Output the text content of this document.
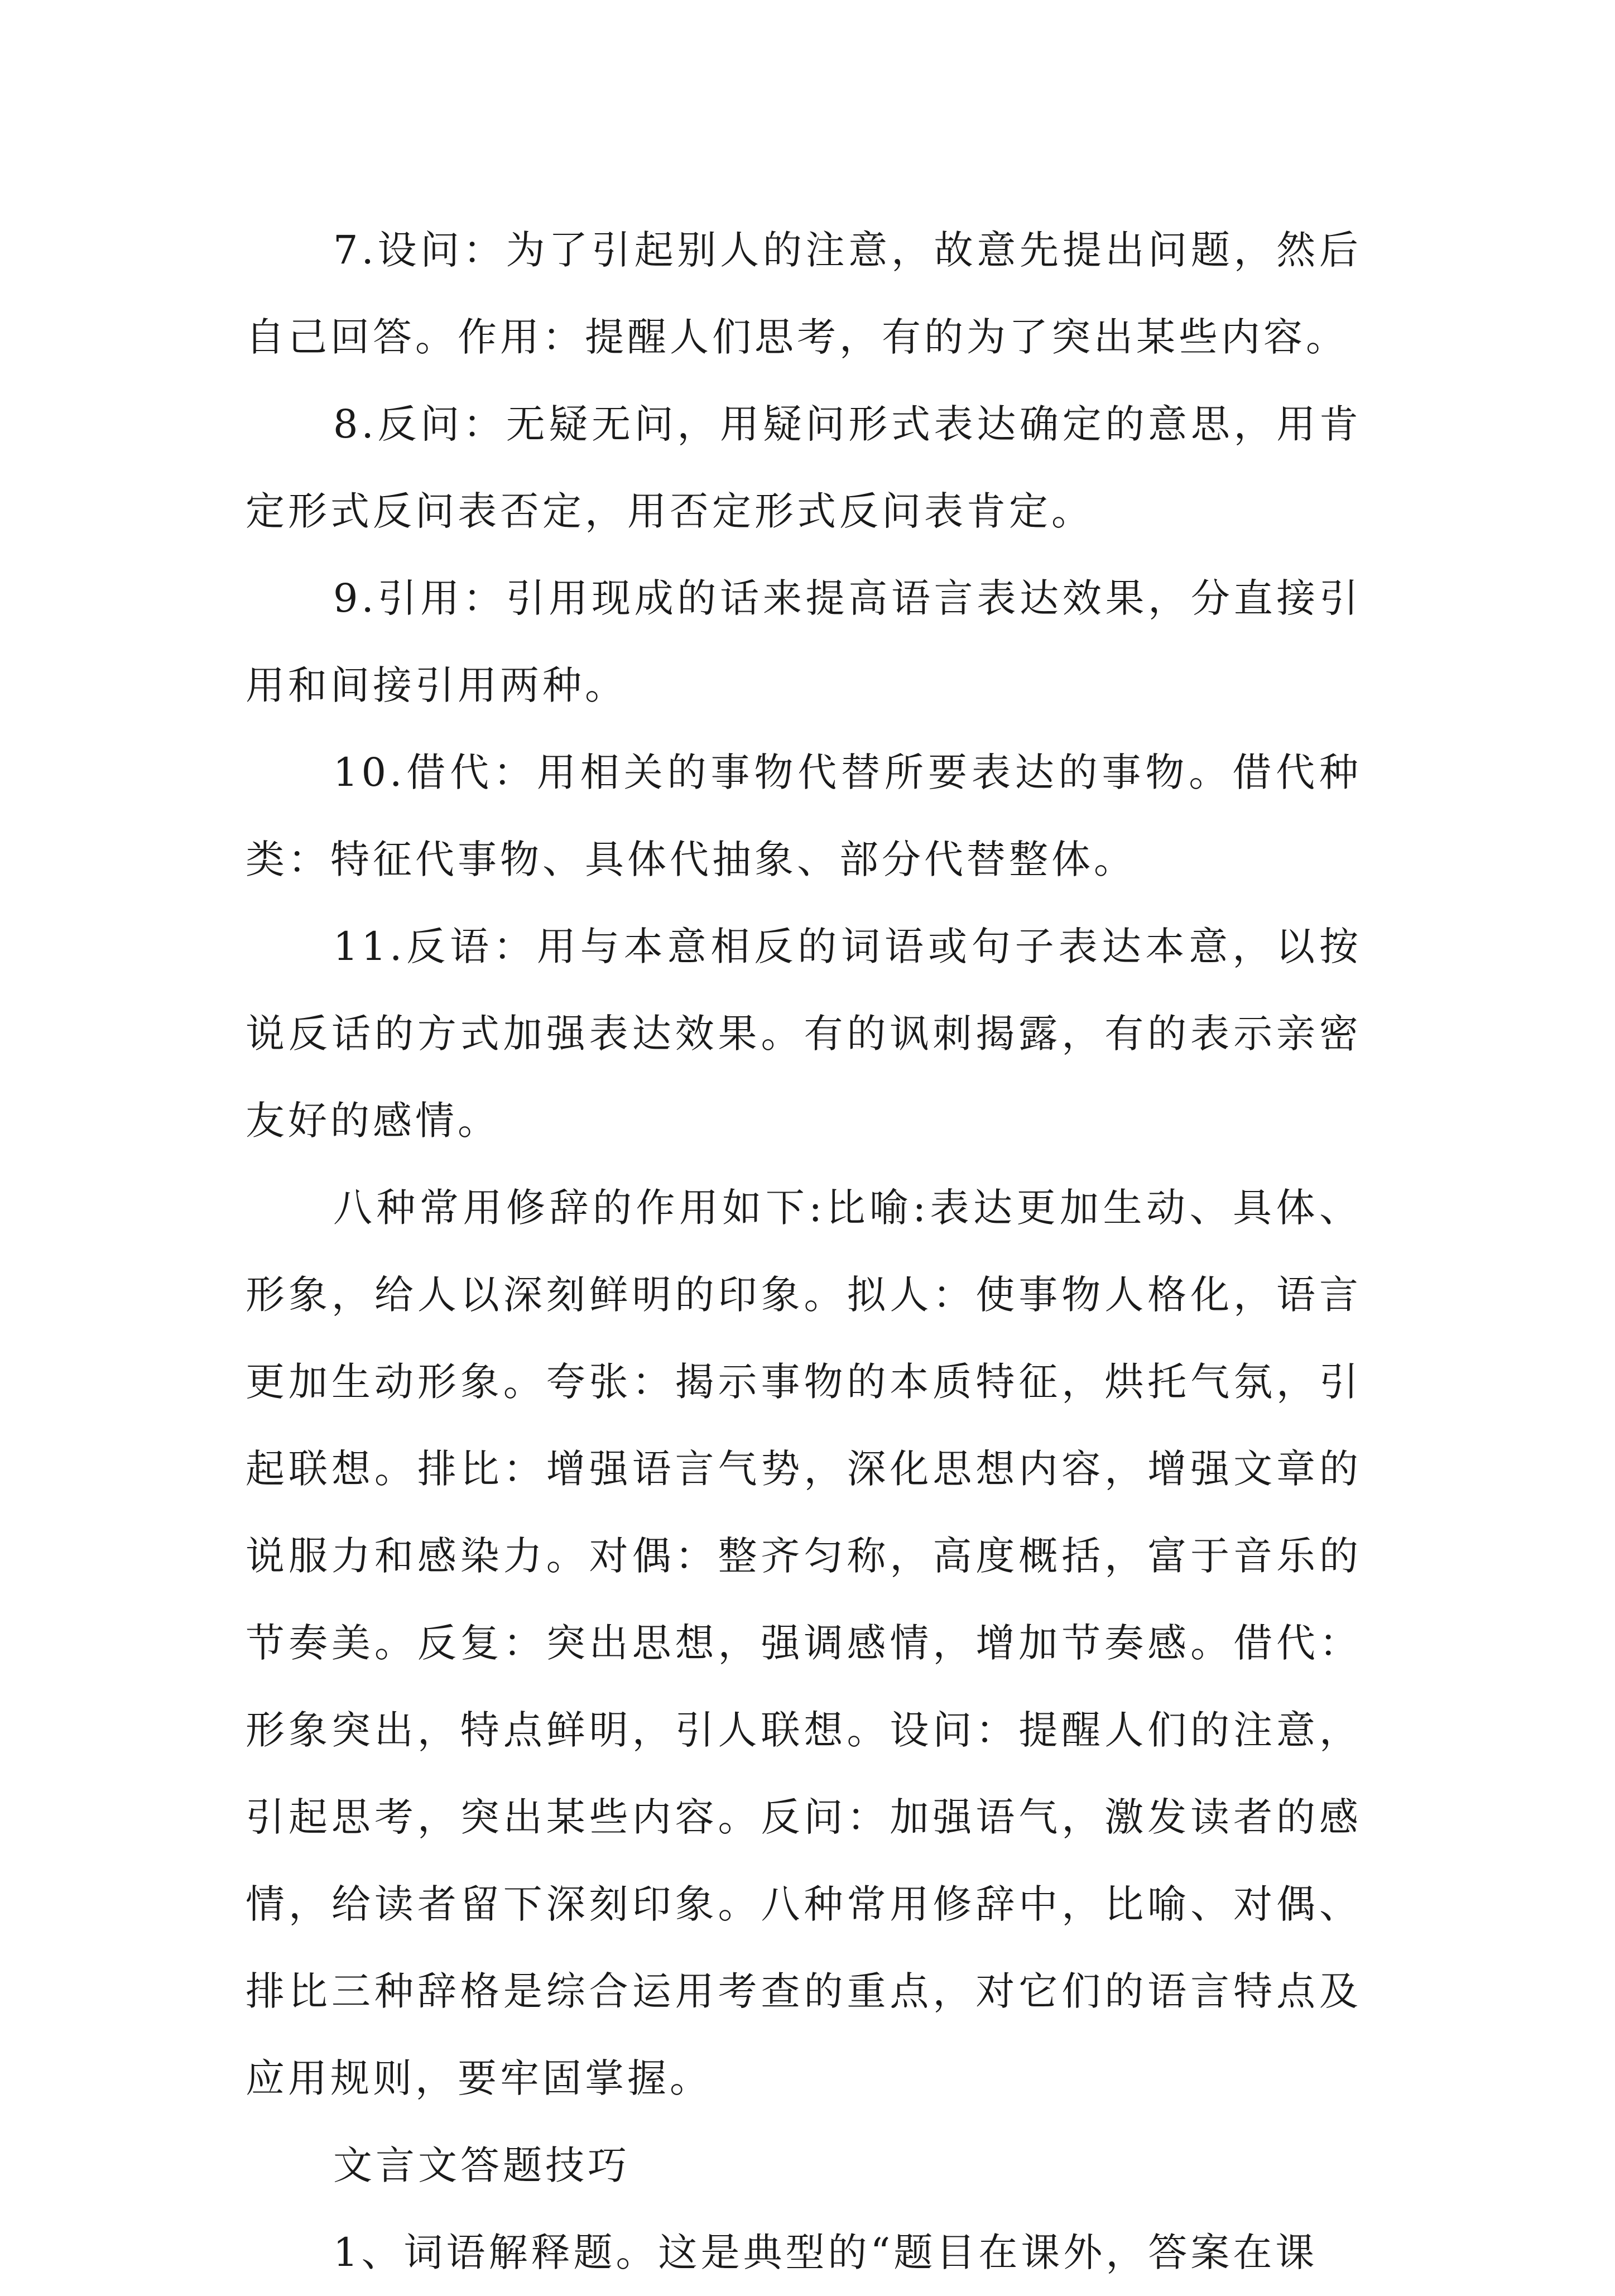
7.设问：为了引起别人的注意，故意先提出问题，然后自己回答。作用：提醒人们思考，有的为了突出某些内容。

8.反问：无疑无问，用疑问形式表达确定的意思，用肯定形式反问表否定，用否定形式反问表肯定。

9.引用：引用现成的话来提高语言表达效果，分直接引用和间接引用两种。

10.借代：用相关的事物代替所要表达的事物。借代种类：特征代事物、具体代抽象、部分代替整体。

11.反语：用与本意相反的词语或句子表达本意，以按说反话的方式加强表达效果。有的讽刺揭露，有的表示亲密友好的感情。

八种常用修辞的作用如下:比喻:表达更加生动、具体、形象，给人以深刻鲜明的印象。拟人：使事物人格化，语言更加生动形象。夸张：揭示事物的本质特征，烘托气氛，引起联想。排比：增强语言气势，深化思想内容，增强文章的说服力和感染力。对偶：整齐匀称，高度概括，富于音乐的节奏美。反复：突出思想，强调感情，增加节奏感。借代：形象突出，特点鲜明，引人联想。设问：提醒人们的注意，引起思考，突出某些内容。反问：加强语气，激发读者的感情，给读者留下深刻印象。八种常用修辞中，比喻、对偶、排比三种辞格是综合运用考查的重点，对它们的语言特点及应用规则，要牢固掌握。

文言文答题技巧

1、词语解释题。这是典型的“题目在课外，答案在课
